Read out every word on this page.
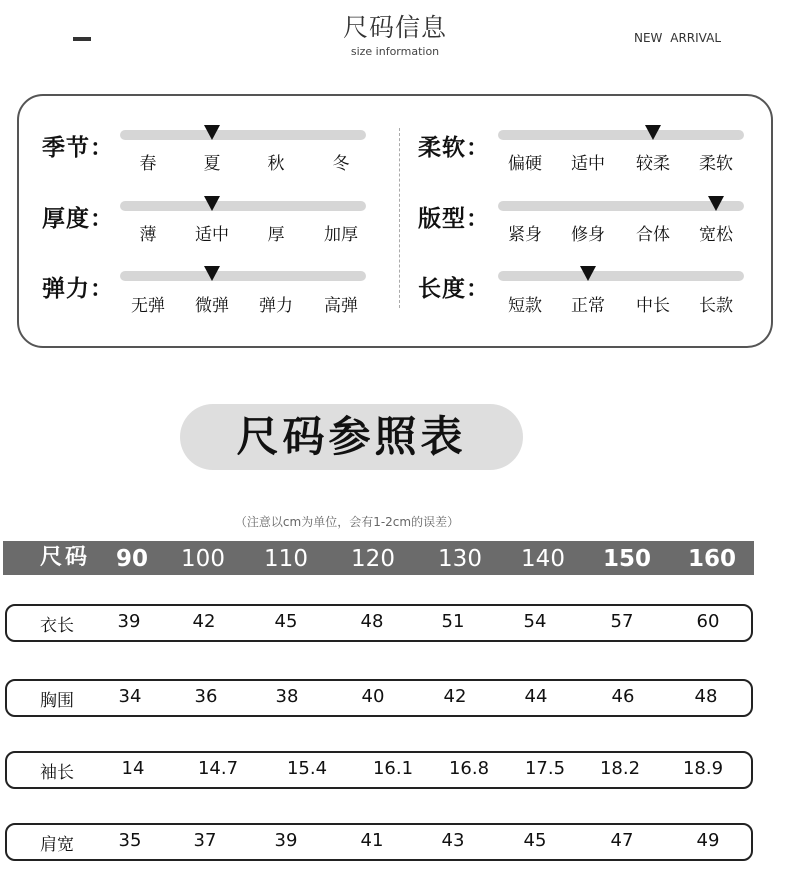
尺码信息
size information
NEW ARRIVAL
季节：
春	夏	秋	冬
厚度：
薄	适中	厚	加厚
弹力：
无弹	微弹	弹力	高弹
柔软：
偏硬	适中	较柔	柔软
版型：
紧身	修身	合体	宽松
长度：
短款	正常	中长	长款
尺码参照表
（注意以cm为单位，会有1-2cm的误差）
尺码	90	100	110	120	130	140	150	160
衣长	39	42	45	48	51	54	57	60
胸围	34	36	38	40	42	44	46	48
袖长	14	14.7	15.4	16.1	16.8	17.5	18.2	18.9
肩宽	35	37	39	41	43	45	47	49
